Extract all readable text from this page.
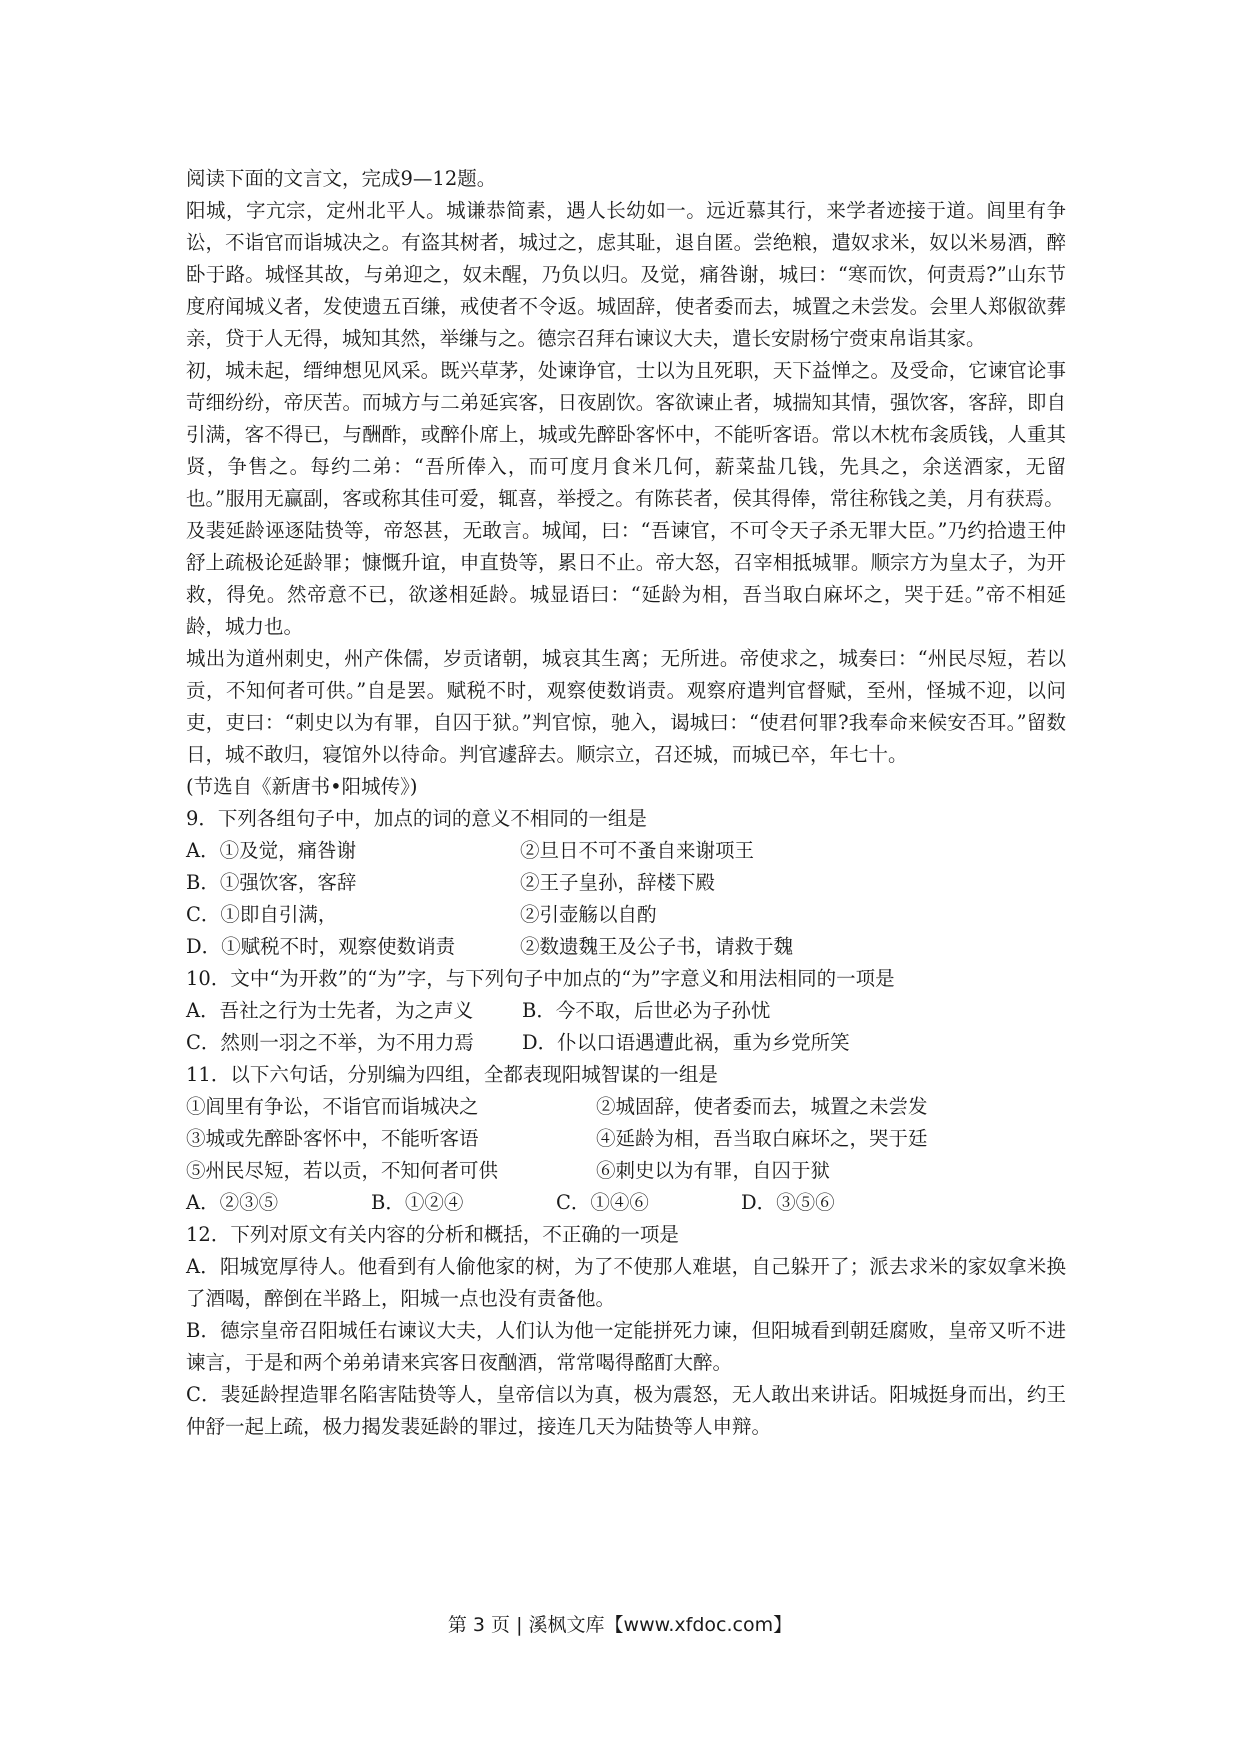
阅读下面的文言文，完成9—12题。

阳城，字亢宗，定州北平人。城谦恭简素，遇人长幼如一。远近慕其行，来学者迹接于道。闾里有争讼，不诣官而诣城决之。有盗其树者，城过之，虑其耻，退自匿。尝绝粮，遣奴求米，奴以米易酒，醉卧于路。城怪其故，与弟迎之，奴未醒，乃负以归。及觉，痛咎谢，城曰：“寒而饮，何责焉?”山东节度府闻城义者，发使遗五百缣，戒使者不令返。城固辞，使者委而去，城置之未尝发。会里人郑俶欲葬亲，贷于人无得，城知其然，举缣与之。德宗召拜右谏议大夫，遣长安尉杨宁赍束帛诣其家。

初，城未起，缙绅想见风采。既兴草茅，处谏诤官，士以为且死职，天下益惮之。及受命，它谏官论事苛细纷纷，帝厌苦。而城方与二弟延宾客，日夜剧饮。客欲谏止者，城揣知其情，强饮客，客辞，即自引满，客不得已，与酬酢，或醉仆席上，城或先醉卧客怀中，不能听客语。常以木枕布衾质钱，人重其贤，争售之。每约二弟：“吾所俸入，而可度月食米几何，薪菜盐几钱，先具之，余送酒家，无留也。”服用无赢副，客或称其佳可爱，辄喜，举授之。有陈苌者，侯其得俸，常往称钱之美，月有获焉。

及裴延龄诬逐陆贽等，帝怒甚，无敢言。城闻，曰：“吾谏官，不可令天子杀无罪大臣。”乃约拾遗王仲舒上疏极论延龄罪；慷慨升谊，申直贽等，累日不止。帝大怒，召宰相抵城罪。顺宗方为皇太子，为开救，得免。然帝意不已，欲遂相延龄。城显语曰：“延龄为相，吾当取白麻坏之，哭于廷。”帝不相延龄，城力也。

城出为道州刺史，州产侏儒，岁贡诸朝，城哀其生离；无所进。帝使求之，城奏曰：“州民尽短，若以贡，不知何者可供。”自是罢。赋税不时，观察使数诮责。观察府遣判官督赋，至州，怪城不迎，以问吏，吏曰：“刺史以为有罪，自囚于狱。”判官惊，驰入，谒城曰：“使君何罪?我奉命来候安否耳。”留数日，城不敢归，寝馆外以待命。判官遽辞去。顺宗立，召还城，而城已卒，年七十。

(节选自《新唐书•阳城传》)

9．下列各组句子中，加点的词的意义不相同的一组是

A．①及觉，痛咎谢	②旦日不可不蚤自来谢项王
B．①强饮客，客辞	②王子皇孙，辞楼下殿
C．①即自引满，	②引壶觞以自酌
D．①赋税不时，观察使数诮责	②数遗魏王及公子书，请救于魏

10．文中“为开救”的“为”字，与下列句子中加点的“为”字意义和用法相同的一项是

A．吾社之行为士先者，为之声义	B．今不取，后世必为子孙忧
C．然则一羽之不举，为不用力焉	D．仆以口语遇遭此祸，重为乡党所笑

11．以下六句话，分别编为四组，全都表现阳城智谋的一组是

①闾里有争讼，不诣官而诣城决之	②城固辞，使者委而去，城置之未尝发
③城或先醉卧客怀中，不能听客语	④延龄为相，吾当取白麻坏之，哭于廷
⑤州民尽短，若以贡，不知何者可供	⑥刺史以为有罪，自囚于狱
A．②③⑤	B．①②④	C．①④⑥	D．③⑤⑥

12．下列对原文有关内容的分析和概括，不正确的一项是

A．阳城宽厚待人。他看到有人偷他家的树，为了不使那人难堪，自己躲开了；派去求米的家奴拿米换了酒喝，醉倒在半路上，阳城一点也没有责备他。

B．德宗皇帝召阳城任右谏议大夫，人们认为他一定能拼死力谏，但阳城看到朝廷腐败，皇帝又听不进谏言，于是和两个弟弟请来宾客日夜酗酒，常常喝得酩酊大醉。

C．裴延龄捏造罪名陷害陆贽等人，皇帝信以为真，极为震怒，无人敢出来讲话。阳城挺身而出，约王仲舒一起上疏，极力揭发裴延龄的罪过，接连几天为陆贽等人申辩。

第 3 页 | 溪枫文库【www.xfdoc.com】
